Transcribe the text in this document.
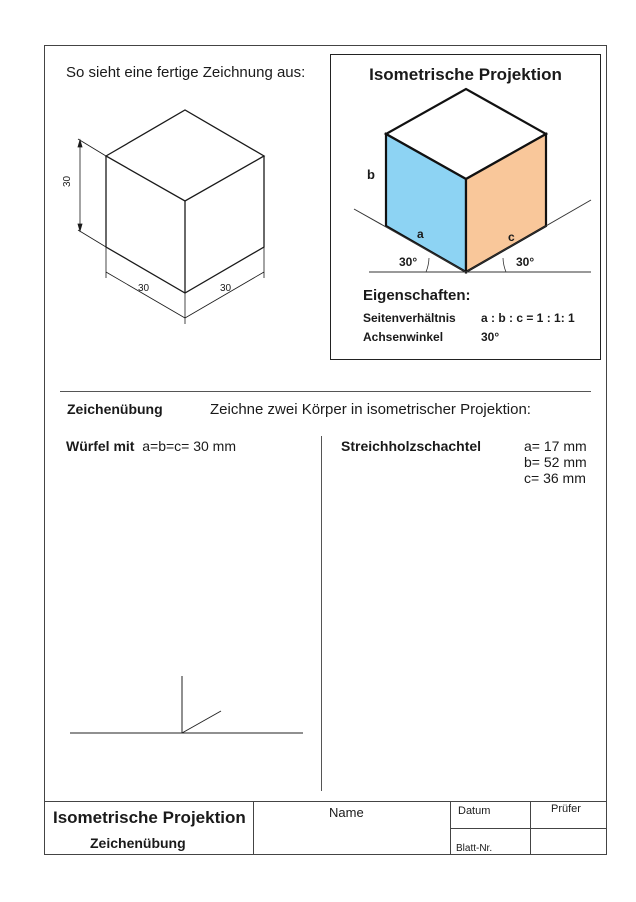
So sieht eine fertige Zeichnung aus:
30
30	30
Isometrische Projektion
b
a	c
30°	30°
Eigenschaften:
Seitenverhältnis a : b : c = 1 : 1: 1
Achsenwinkel	30°
Zeichenübung	Zeichne zwei Körper in isometrischer Projektion:
Würfel mit a=b=c= 30 mm	Streichholzschachtel	a= 17 mm
b= 52 mm
c= 36 mm
Isometrische Projektion
Zeichenübung
Name	Datum	Prüfer
Blatt-Nr.
